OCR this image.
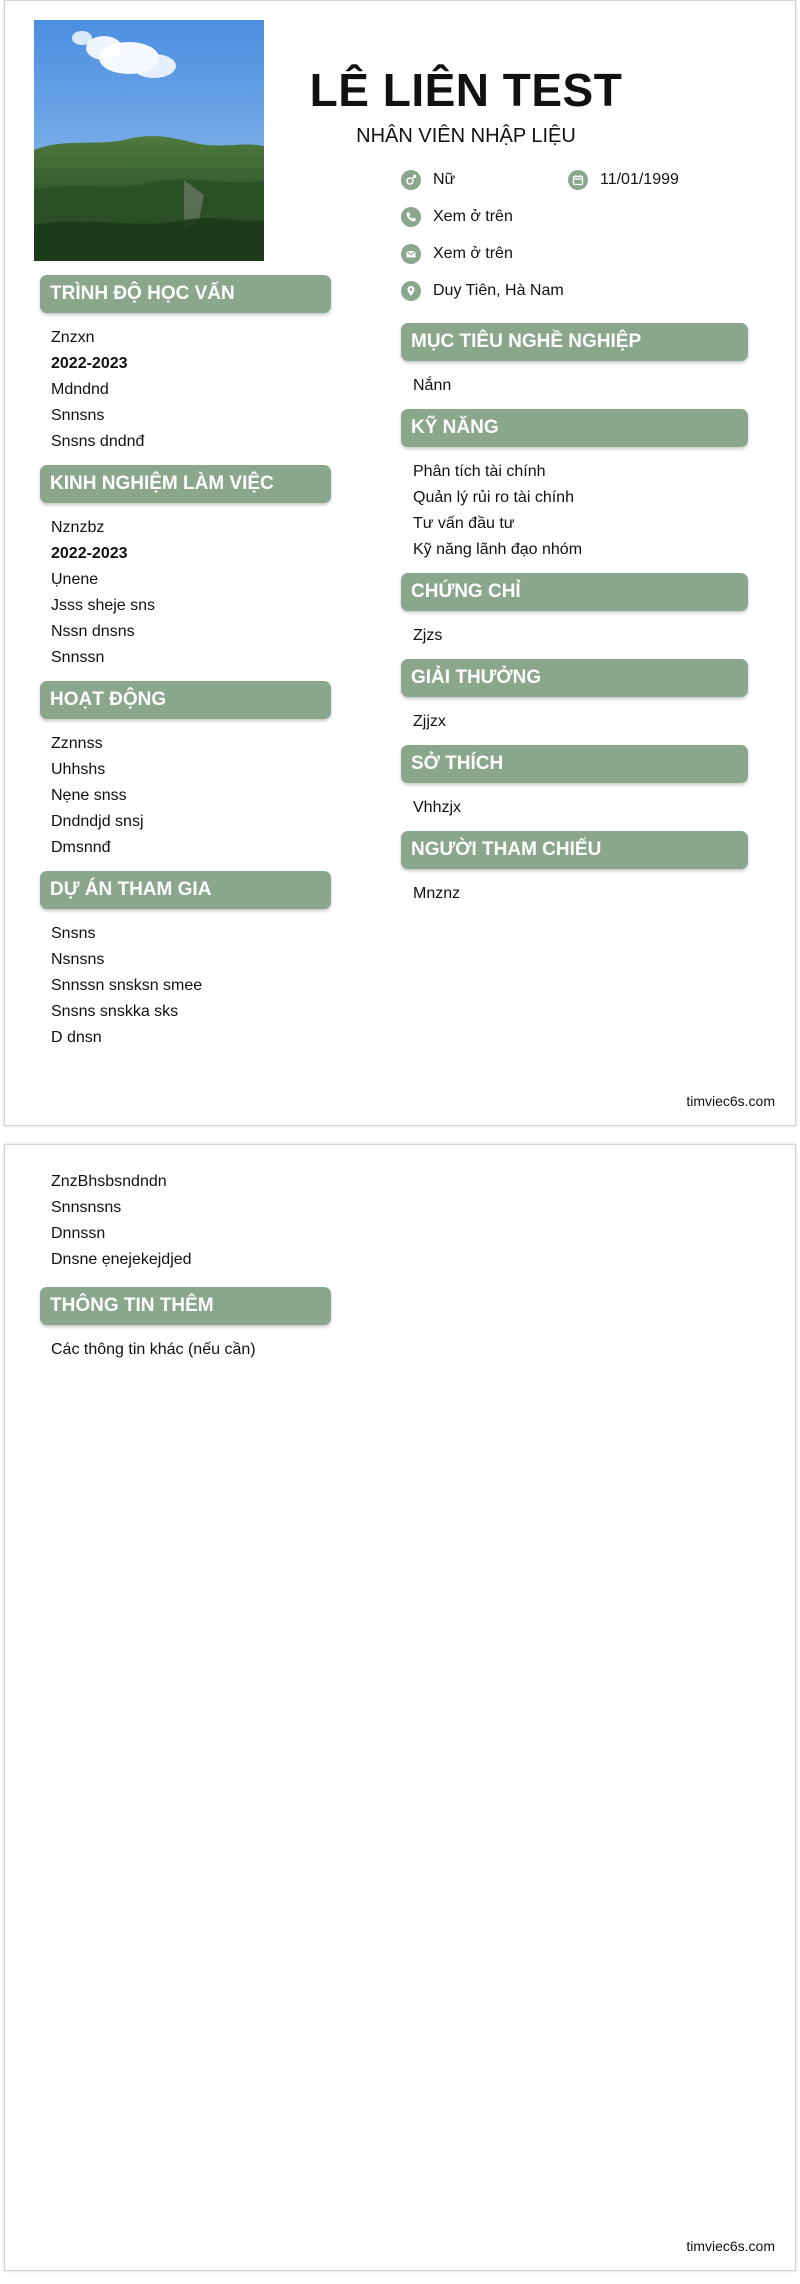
LÊ LIÊN TEST
NHÂN VIÊN NHẬP LIỆU
Nữ	11/01/1999
Xem ở trên
Xem ở trên
Duy Tiên, Hà Nam
TRÌNH ĐỘ HỌC VẤN
Znzxn
2022-2023
Mdndnd
Snnsns
Snsns dndnđ
KINH NGHIỆM LÀM VIỆC
Nznzbz
2022-2023
Ụnene
Jsss sheje sns
Nssn dnsns
Snnssn
HOẠT ĐỘNG
Zznnss
Uhhshs
Nẹne snss
Dndndjd snsj
Dmsnnđ
DỰ ÁN THAM GIA
Snsns
Nsnsns
Snnssn snsksn smee
Snsns snskka sks
D dnsn
MỤC TIÊU NGHỀ NGHIỆP
Nắnn
KỸ NĂNG
Phân tích tài chính
Quản lý rủi ro tài chính
Tư vấn đầu tư
Kỹ năng lãnh đạo nhóm
CHỨNG CHỈ
Zjzs
GIẢI THƯỞNG
Zjjzx
SỞ THÍCH
Vhhzjx
NGƯỜI THAM CHIẾU
Mnznz
timviec6s.com
ZnzBhsbsndndn
Snnsnsns
Dnnssn
Dnsne ẹnejekejdjed
THÔNG TIN THÊM
Các thông tin khác (nếu cần)
timviec6s.com
